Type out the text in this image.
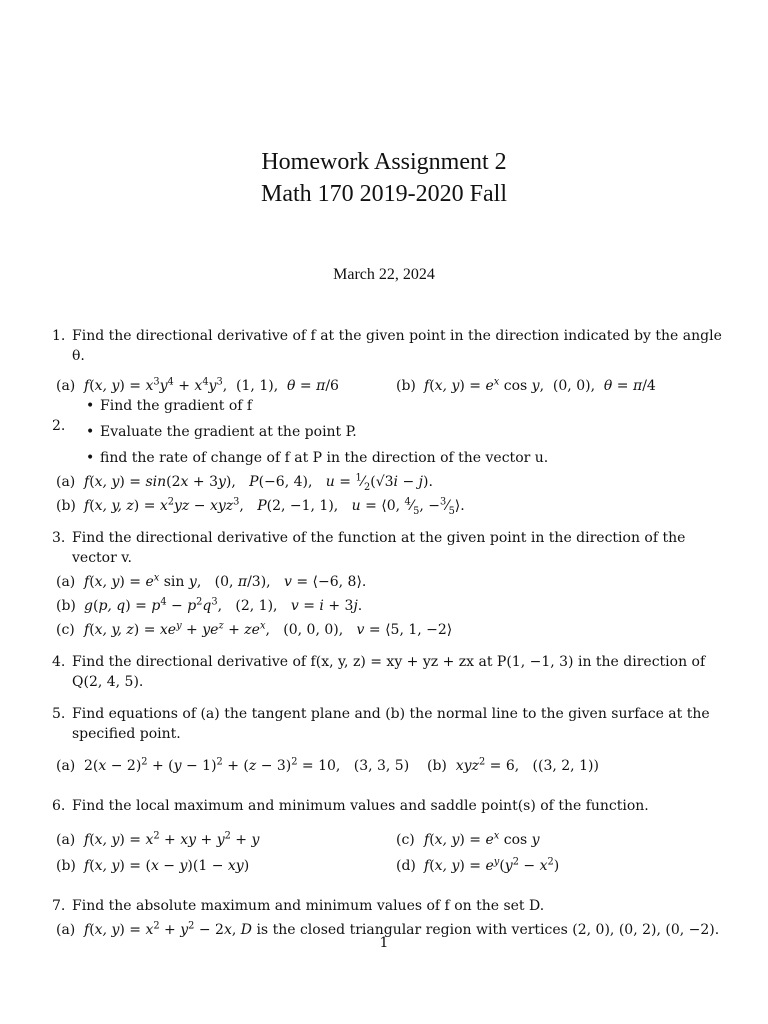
Homework Assignment 2
Math 170 2019-2020 Fall
March 22, 2024
1. Find the directional derivative of f at the given point in the direction indicated by the angle θ.
(a) f(x, $y) = x^3y^4 + x^4y^3$,  (1, 1),  θ = π/6	(b) f(x, $y) = e^x$ cos y,  (0, 0),  θ = π/4
2.
• Find the gradient of f
• Evaluate the gradient at the point P.
• find the rate of change of f at P in the direction of the vector u.
(a) f(x, y) = sin(2x + 3y),   P(−6, 4),   $u = ^1⁄_2(√3i - j)$.
(b) f(x, y, $z) = x^2yz - xyz^3$,   P(2, −1, 1),   u = ⟨0, $^4⁄_5$, $-^3⁄_5⟩$.
3. Find the directional derivative of the function at the given point in the direction of the vector v.
(a) f(x, $y) = e^x$ sin y,   (0, π/3),   v = ⟨−6, 8⟩.
(b) g(p, $q) = p^4 - p^2q^3$,   (2, 1),   v = i + 3j.
(c) f(x, y, $z) = xe^y + ye^z + ze^x$,   (0, 0, 0),   v = ⟨5, 1, −2⟩
4. Find the directional derivative of f(x, y, z) = xy + yz + zx at P(1, −1, 3) in the direction of Q(2, 4, 5).
5. Find equations of (a) the tangent plane and (b) the normal line to the given surface at the specified point.
(a) $2(x - 2)^2 + (y - 1)^2 + (z - 3)^2 = 10$,   (3, 3, 5)    (b) xyz$^2$ = 6,   ((3, 2, 1))
6. Find the local maximum and minimum values and saddle point(s) of the function.
(a) f(x, $y) = x^2$ + xy + $y^2 + y$	(c) f(x, $y) = e^x$ cos y
(b) f(x, y) = (x − y)(1 − xy)	(d) f(x, $y) = e^y(y^2 - x^2)$
7. Find the absolute maximum and minimum values of f on the set D.
(a) f(x, $y) = x^2 + y^2 - 2x$, D is the closed triangular region with vertices (2, 0), (0, 2), (0, −2).
1
